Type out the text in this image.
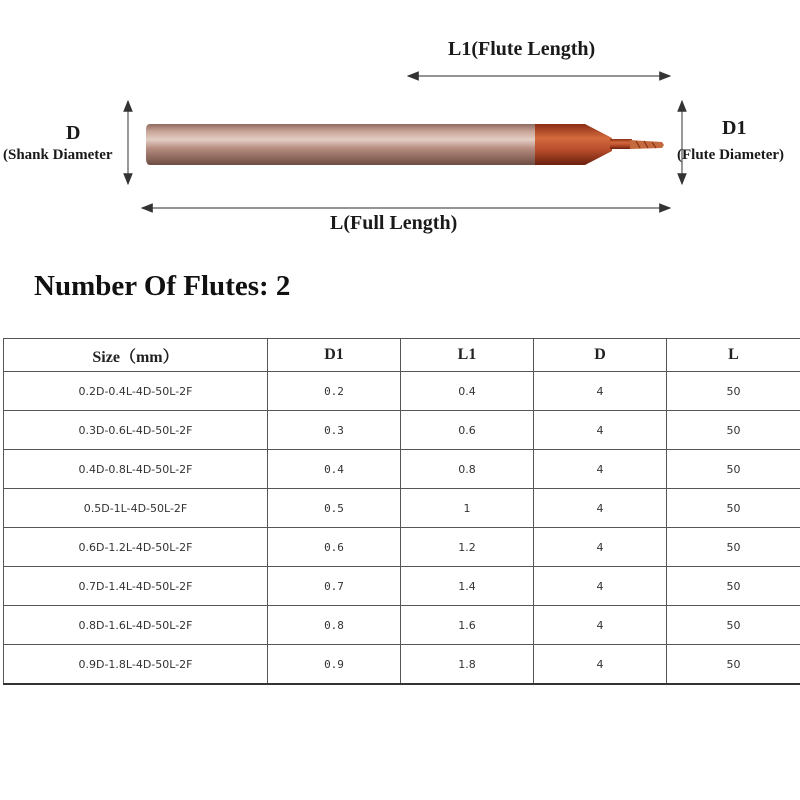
L1(Flute Length)
L(Full Length)
D
(Shank Diameter
D1
(Flute Diameter)
Number Of Flutes: 2
Size（mm）	D1	L1	D	L
0.2D-0.4L-4D-50L-2F	0.2	0.4	4	50
0.3D-0.6L-4D-50L-2F	0.3	0.6	4	50
0.4D-0.8L-4D-50L-2F	0.4	0.8	4	50
0.5D-1L-4D-50L-2F	0.5	1	4	50
0.6D-1.2L-4D-50L-2F	0.6	1.2	4	50
0.7D-1.4L-4D-50L-2F	0.7	1.4	4	50
0.8D-1.6L-4D-50L-2F	0.8	1.6	4	50
0.9D-1.8L-4D-50L-2F	0.9	1.8	4	50
